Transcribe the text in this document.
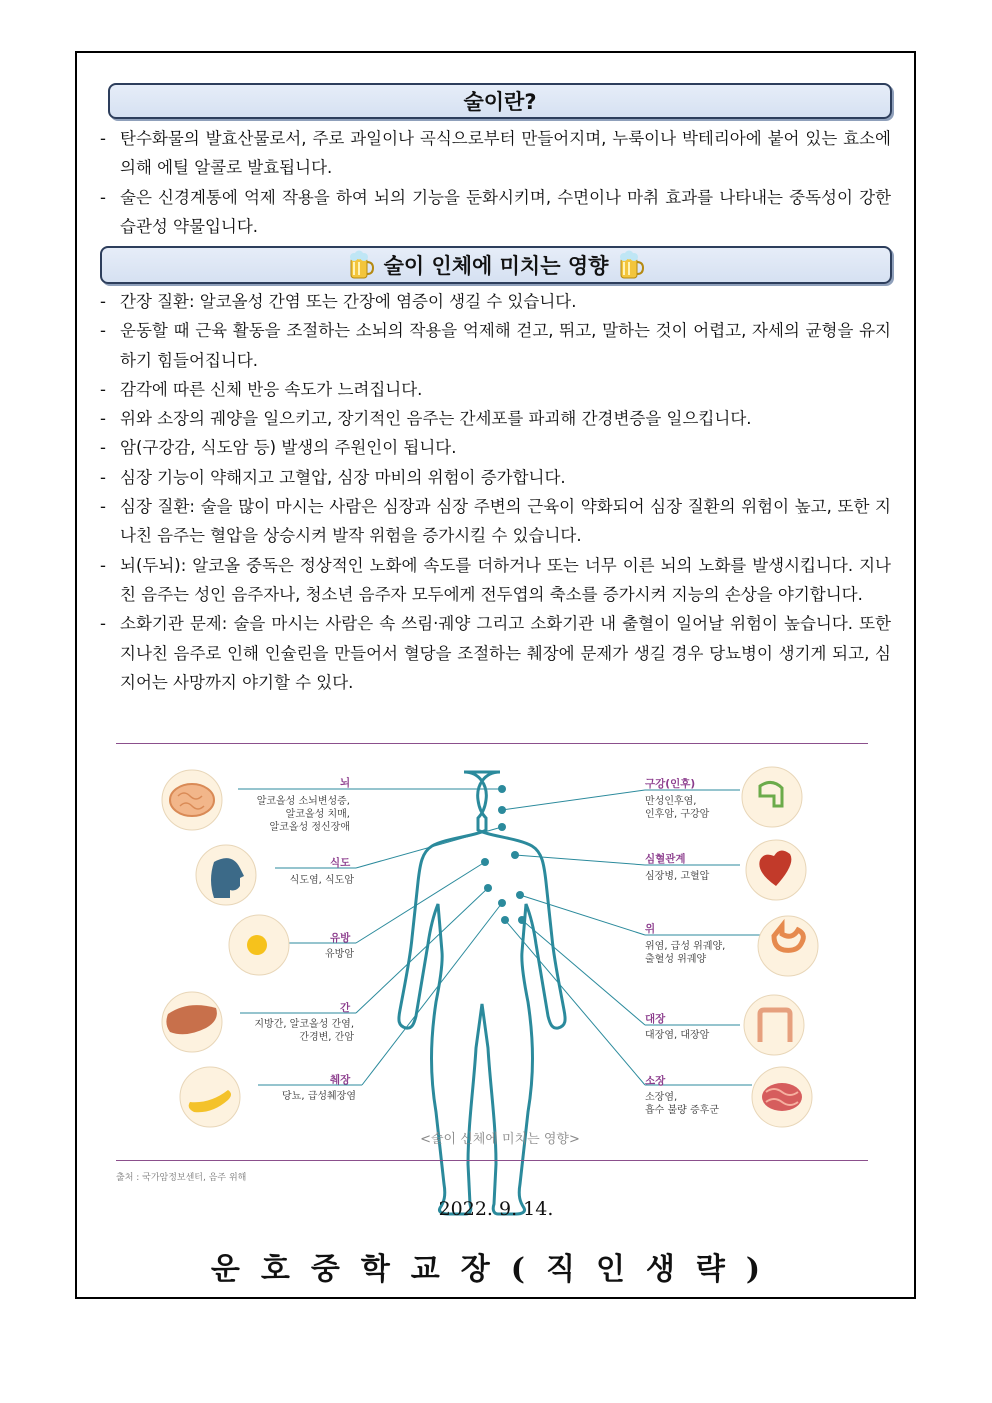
술이란?
- 탄수화물의 발효산물로서, 주로 과일이나 곡식으로부터 만들어지며, 누룩이나 박테리아에 붙어 있는 효소에 의해 에틸 알콜로 발효됩니다.
- 술은 신경계통에 억제 작용을 하여 뇌의 기능을 둔화시키며, 수면이나 마취 효과를 나타내는 중독성이 강한 습관성 약물입니다.
술이 인체에 미치는 영향
- 간장 질환: 알코올성 간염 또는 간장에 염증이 생길 수 있습니다.
- 운동할 때 근육 활동을 조절하는 소뇌의 작용을 억제해 걷고, 뛰고, 말하는 것이 어렵고, 자세의 균형을 유지하기 힘들어집니다.
- 감각에 따른 신체 반응 속도가 느려집니다.
- 위와 소장의 궤양을 일으키고, 장기적인 음주는 간세포를 파괴해 간경변증을 일으킵니다.
- 암(구강감, 식도암 등) 발생의 주원인이 됩니다.
- 심장 기능이 약해지고 고혈압, 심장 마비의 위험이 증가합니다.
- 심장 질환: 술을 많이 마시는 사람은 심장과 심장 주변의 근육이 약화되어 심장 질환의 위험이 높고, 또한 지나친 음주는 혈압을 상승시켜 발작 위험을 증가시킬 수 있습니다.
- 뇌(두뇌): 알코올 중독은 정상적인 노화에 속도를 더하거나 또는 너무 이른 뇌의 노화를 발생시킵니다. 지나친 음주는 성인 음주자나, 청소년 음주자 모두에게 전두엽의 축소를 증가시켜 지능의 손상을 야기합니다.
- 소화기관 문제: 술을 마시는 사람은 속 쓰림·궤양 그리고 소화기관 내 출혈이 일어날 위험이 높습니다. 또한 지나친 음주로 인해 인슐린을 만들어서 혈당을 조절하는 췌장에 문제가 생길 경우 당뇨병이 생기게 되고, 심지어는 사망까지 야기할 수 있다.
뇌
알코올성 소뇌변성증,
알코올성 치매,
알코올성 정신장애
식도
식도염, 식도암
유방
유방암
간
지방간, 알코올성 간염,
간경변, 간암
췌장
당뇨, 급성췌장염
구강(인후)
만성인후염,
인후암, 구강암
심혈관계
심장병, 고혈압
위
위염, 급성 위궤양,
출혈성 위궤양
대장
대장염, 대장암
소장
소장염,
흡수 불량 증후군
<술이 신체에 미치는 영향>
출처 : 국가암정보센터, 음주 위해
2022. 9. 14.
운호중학교장(직인생략)
